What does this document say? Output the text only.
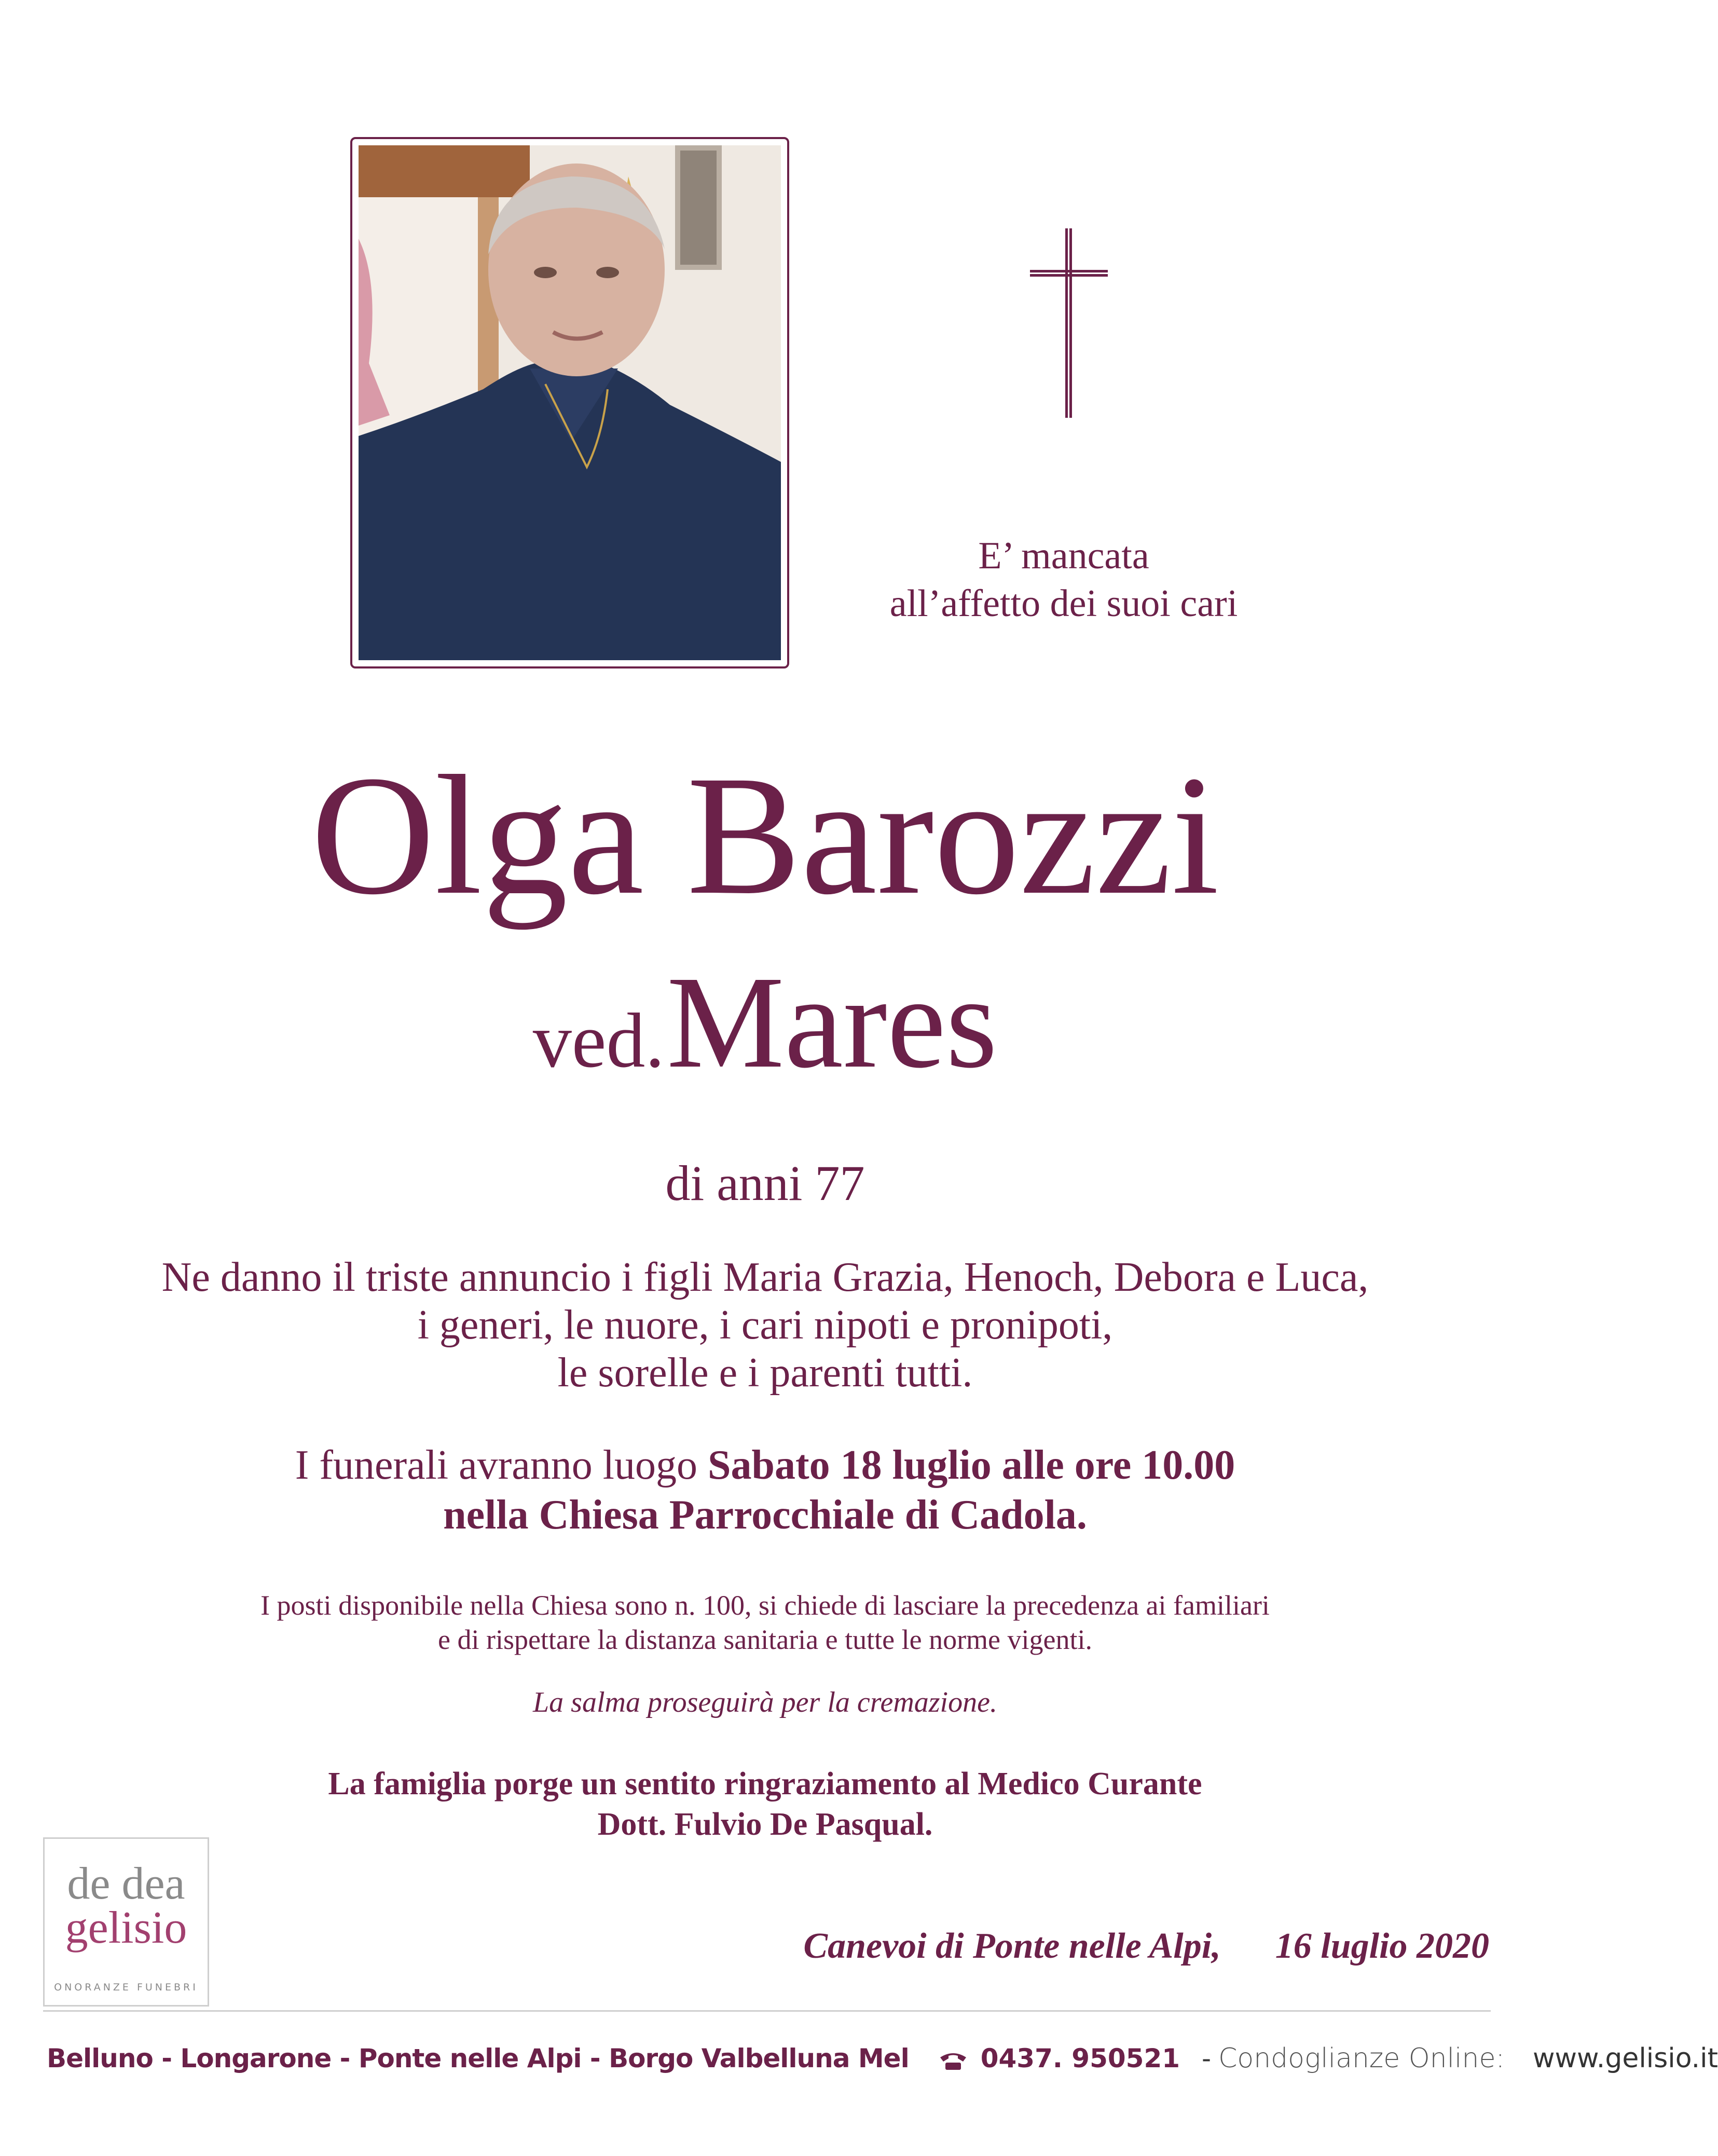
E’ mancata
all’affetto dei suoi cari
Olga Barozzi
ved. Mares
di anni 77
Ne danno il triste annuncio i figli Maria Grazia, Henoch, Debora e Luca,
i generi, le nuore, i cari nipoti e pronipoti,
le sorelle e i parenti tutti.
I funerali avranno luogo Sabato 18 luglio alle ore 10.00
nella Chiesa Parrocchiale di Cadola.
I posti disponibile nella Chiesa sono n. 100, si chiede di lasciare la precedenza ai familiari
e di rispettare la distanza sanitaria e tutte le norme vigenti.
La salma proseguirà per la cremazione.
La famiglia porge un sentito ringraziamento al Medico Curante
Dott. Fulvio De Pasqual.
de dea
gelisio
ONORANZE FUNEBRI
Canevoi di Ponte nelle Alpi, 16 luglio 2020
Belluno - Longarone - Ponte nelle Alpi - Borgo Valbelluna Mel	0437. 950521 - Condoglianze Online: www.gelisio.it
